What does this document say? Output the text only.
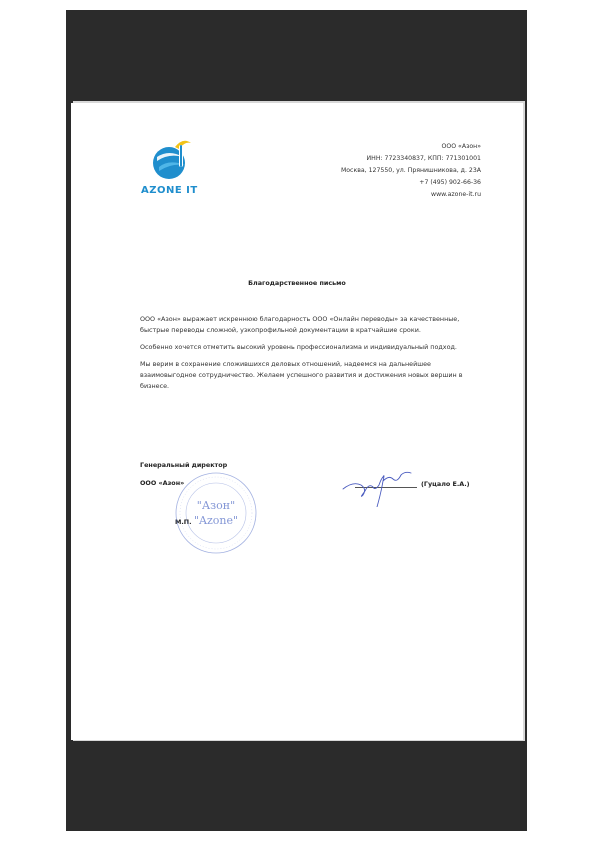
AZONE IT
ООО «Азон»
ИНН: 7723340837, КПП: 771301001
Москва, 127550, ул. Прянишникова, д. 23А
+7 (495) 902-66-36
www.azone-it.ru
Благодарственное письмо

ООО «Азон» выражает искреннюю благодарность ООО «Онлайн переводы» за качественные, быстрые переводы сложной, узкопрофильной документации в кратчайшие сроки.

Особенно хочется отметить высокий уровень профессионализма и индивидуальный подход.

Мы верим в сохранение сложившихся деловых отношений, надеемся на дальнейшее взаимовыгодное сотрудничество. Желаем успешного развития и достижения новых вершин в бизнесе.

Генеральный директор
ООО «Азон»
М.П.
(Гуцало Е.А.)
"Азон"
"Azone"
